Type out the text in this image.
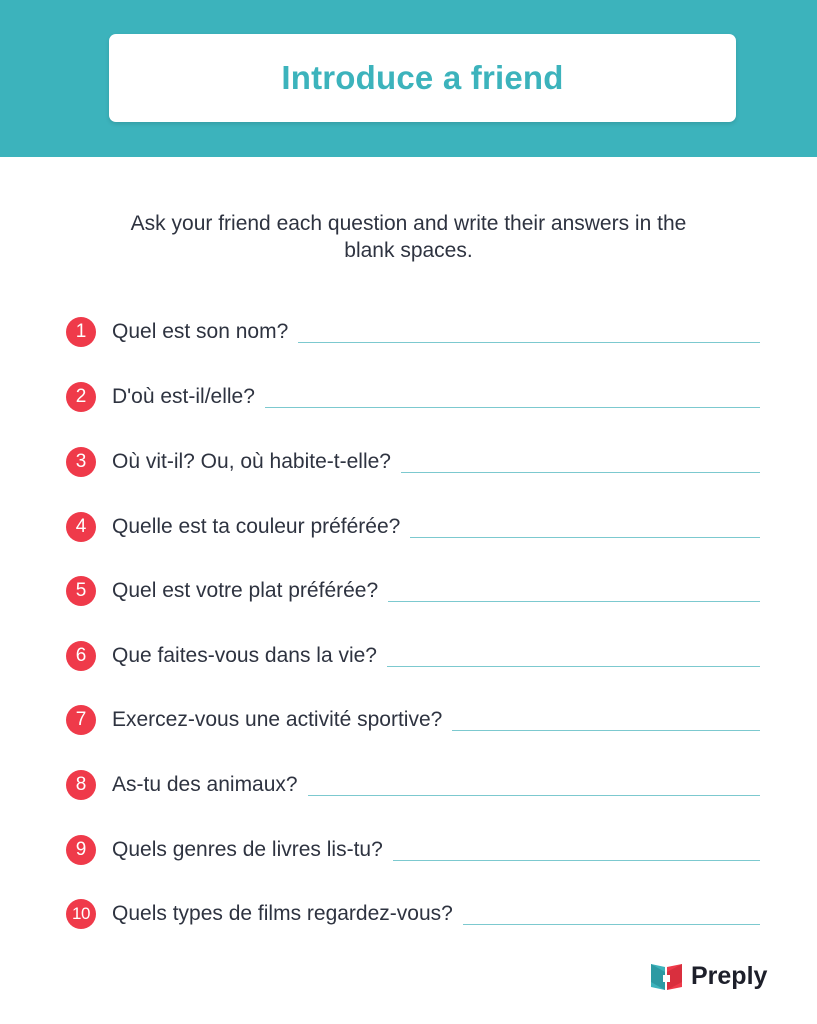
Introduce a friend

Ask your friend each question and write their answers in the blank spaces.

1	Quel est son nom?
2	D'où est-il/elle?
3	Où vit-il? Ou, où habite-t-elle?
4	Quelle est ta couleur préférée?
5	Quel est votre plat préférée?
6	Que faites-vous dans la vie?
7	Exercez-vous une activité sportive?
8	As-tu des animaux?
9	Quels genres de livres lis-tu?
10 Quels types de films regardez-vous?
Preply
